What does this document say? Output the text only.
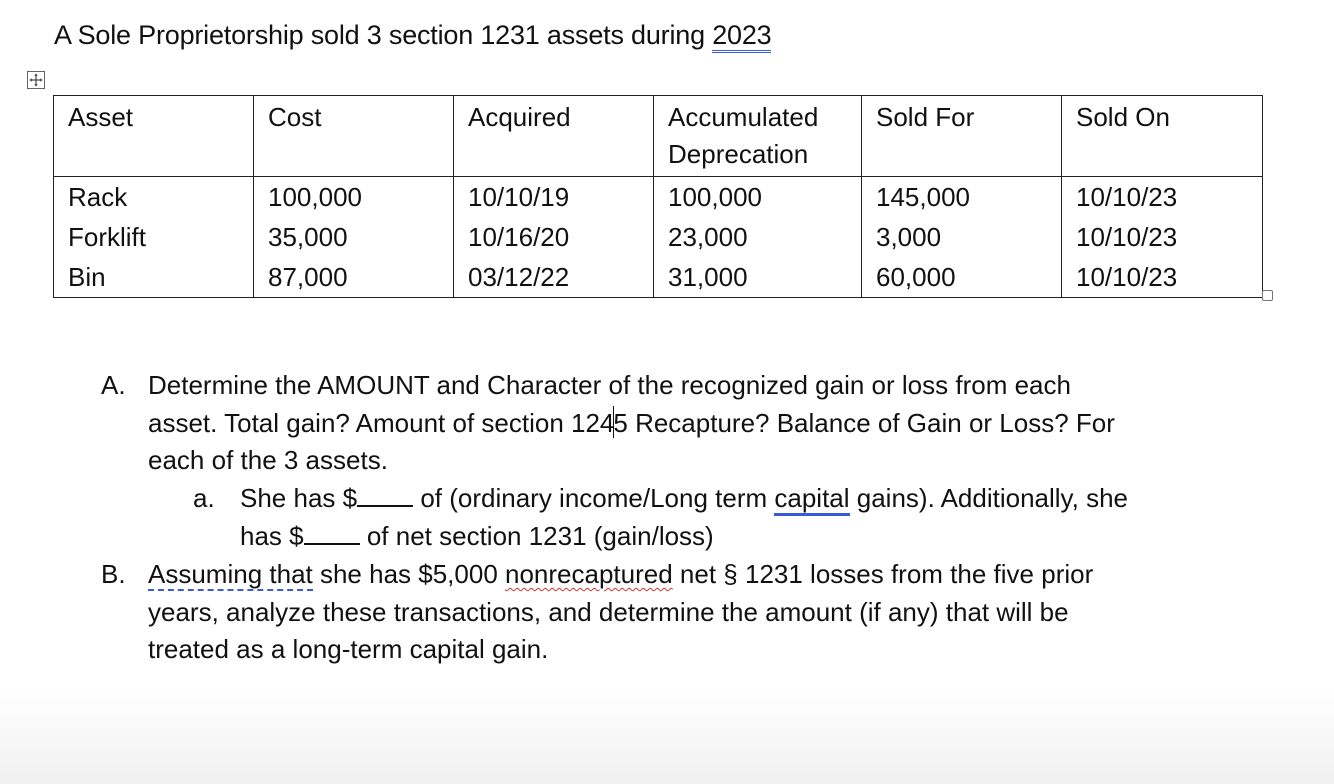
A Sole Proprietorship sold 3 section 1231 assets during 2023
Asset	Cost	Acquired	Accumulated Deprecation	Sold For	Sold On
Rack	100,000	10/10/19	100,000	145,000	10/10/23
Forklift	35,000	10/16/20	23,000	3,000	10/10/23
Bin	87,000	03/12/22	31,000	60,000	10/10/23
A. Determine the AMOUNT and Character of the recognized gain or loss from each
asset. Total gain? Amount of section 1245 Recapture? Balance of Gain or Loss? For
each of the 3 assets.
a. She has $ of (ordinary income/Long term capital gains). Additionally, she
has $ of net section 1231 (gain/loss)
B. Assuming that she has $5,000 nonrecaptured net § 1231 losses from the five prior
years, analyze these transactions, and determine the amount (if any) that will be
treated as a long-term capital gain.
